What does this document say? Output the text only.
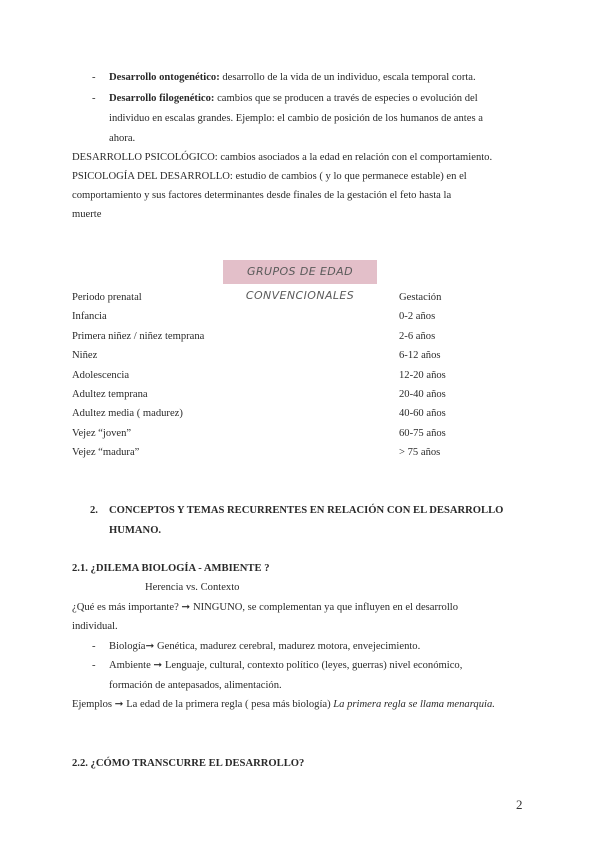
- Desarrollo ontogenético: desarrollo de la vida de un individuo, escala temporal corta.
- Desarrollo filogenético: cambios que se producen a través de especies o evolución del
individuo en escalas grandes. Ejemplo: el cambio de posición de los humanos de antes a
ahora.
DESARROLLO PSICOLÓGICO: cambios asociados a la edad en relación con el comportamiento.
PSICOLOGÍA DEL DESARROLLO: estudio de cambios ( y lo que permanece estable) en el
comportamiento y sus factores determinantes desde finales de la gestación el feto hasta la
muerte
GRUPOS DE EDAD CONVENCIONALES
Periodo prenatal	Gestación
Infancia	0-2 años
Primera niñez / niñez temprana	2-6 años
Niñez	6-12 años
Adolescencia	12-20 años
Adultez temprana	20-40 años
Adultez media ( madurez)	40-60 años
Vejez “joven”	60-75 años
Vejez “madura”	> 75 años
2. CONCEPTOS Y TEMAS RECURRENTES EN RELACIÓN CON EL DESARROLLO
HUMANO.
2.1. ¿DILEMA BIOLOGÍA - AMBIENTE ?
Herencia vs. Contexto
¿Qué es más importante? ➞ NINGUNO, se complementan ya que influyen en el desarrollo
individual.
- Biología➞ Genética, madurez cerebral, madurez motora, envejecimiento.
- Ambiente ➞ Lenguaje, cultural, contexto político (leyes, guerras) nivel económico,
formación de antepasados, alimentación.
Ejemplos ➞ La edad de la primera regla ( pesa más biología) La primera regla se llama menarquia.
2.2. ¿CÓMO TRANSCURRE EL DESARROLLO?
2
